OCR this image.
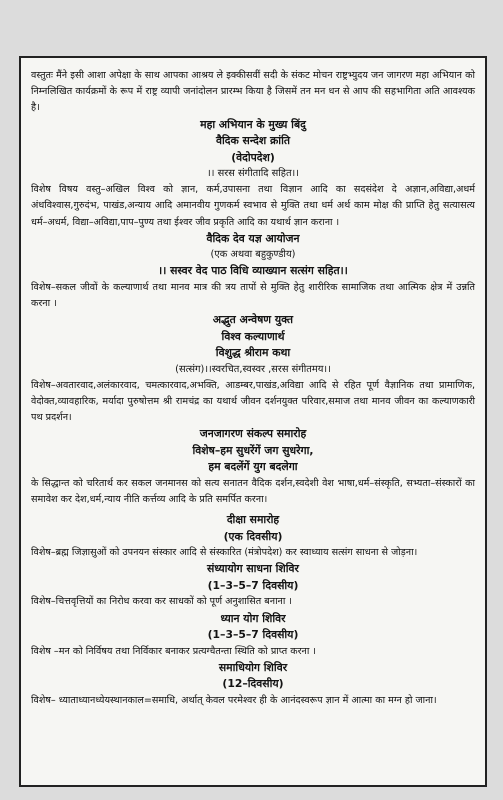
वस्तुतः मैंने इसी आशा अपेक्षा के साथ आपका आश्रय ले इक्कीसवीं सदी के संकट मोचन राष्ट्रभ्युदय जन जागरण महा अभियान को निम्नलिखित कार्यक्रमों के रूप में राष्ट्र व्यापी जनांदोलन प्रारम्भ किया है जिसमें तन मन धन से आप की सहभागिता अति आवश्यक है।

महा अभियान के मुख्य बिंदु

वैदिक सन्देश क्रांति

(वेदोपदेश)

।। सरस संगीतादि सहित।।

विशेष विषय वस्तु–अखिल विश्व को ज्ञान, कर्म,उपासना तथा विज्ञान आदि का सदसंदेश दे अज्ञान,अविद्या,अधर्म अंधविश्वास,गुरुदंभ, पाखंड,अन्याय आदि अमानवीय गुणकर्म स्वभाव से मुक्ति तथा धर्म अर्थ काम मोक्ष की प्राप्ति हेतु सत्यासत्य धर्म–अधर्म, विद्या–अविद्या,पाप–पुण्य तथा ईश्वर जीव प्रकृति आदि का यथार्थ ज्ञान कराना ।

वैदिक देव यज्ञ आयोजन

(एक अथवा बहुकुण्डीय)

।। सस्वर वेद पाठ विधि व्याख्यान सत्संग सहित।।

विशेष–सकल जीवों के कल्याणार्थ तथा मानव मात्र की त्रय तापों से मुक्ति हेतु शारीरिक सामाजिक तथा आत्मिक क्षेत्र में उन्नति करना ।

अद्भुत अन्वेषण युक्त

विश्व कल्याणार्थ

विशुद्ध श्रीराम कथा

(सत्संग)।।स्वरचित,स्वस्वर ,सरस संगीतमय।।

विशेष–अवतारवाद,अलंकारवाद, चमत्कारवाद,अभक्ति, आडम्बर,पाखंड,अविद्या आदि से रहित पूर्ण वैज्ञानिक तथा प्रामाणिक, वेदोक्त,व्यावहारिक, मर्यादा पुरुषोत्तम श्री रामचंद्र का यथार्थ जीवन दर्शनयुक्त परिवार,समाज तथा मानव जीवन का कल्याणकारी पथ प्रदर्शन।

जनजागरण संकल्प समारोह

विशेष–हम सुधरेंगें जग सुधरेगा,

हम बदलेंगें युग बदलेगा

के सिद्धान्त को चरितार्थ कर सकल जनमानस को सत्य सनातन वैदिक दर्शन,स्वदेशी वेश भाषा,धर्म–संस्कृति, सभ्यता–संस्कारों का समावेश कर देश,धर्म,न्याय नीति कर्त्तव्य आदि के प्रति समर्पित करना।

दीक्षा समारोह

(एक दिवसीय)

विशेष–ब्रह्म जिज्ञासुओं को उपनयन संस्कार आदि से संस्कारित (मंत्रोपदेश) कर स्वाध्याय सत्संग साधना से जोड़ना।

संध्यायोग साधना शिविर

(1–3–5–7 दिवसीय)

विशेष–चित्तवृत्तियों का निरोध करवा कर साधकों को पूर्ण अनुशासित बनाना ।

ध्यान योग शिविर

(1–3–5–7 दिवसीय)

विशेष –मन को निर्विषय तथा निर्विकार बनाकर प्रत्यग्चैतन्ता स्थिति को प्राप्त करना ।

समाधियोग शिविर

(12–दिवसीय)

विशेष– ध्याताध्यानध्येयस्थानकाल=समाधि, अर्थात् केवल परमेश्वर ही के आनंदस्वरूप ज्ञान में आत्मा का मग्न हो जाना।
